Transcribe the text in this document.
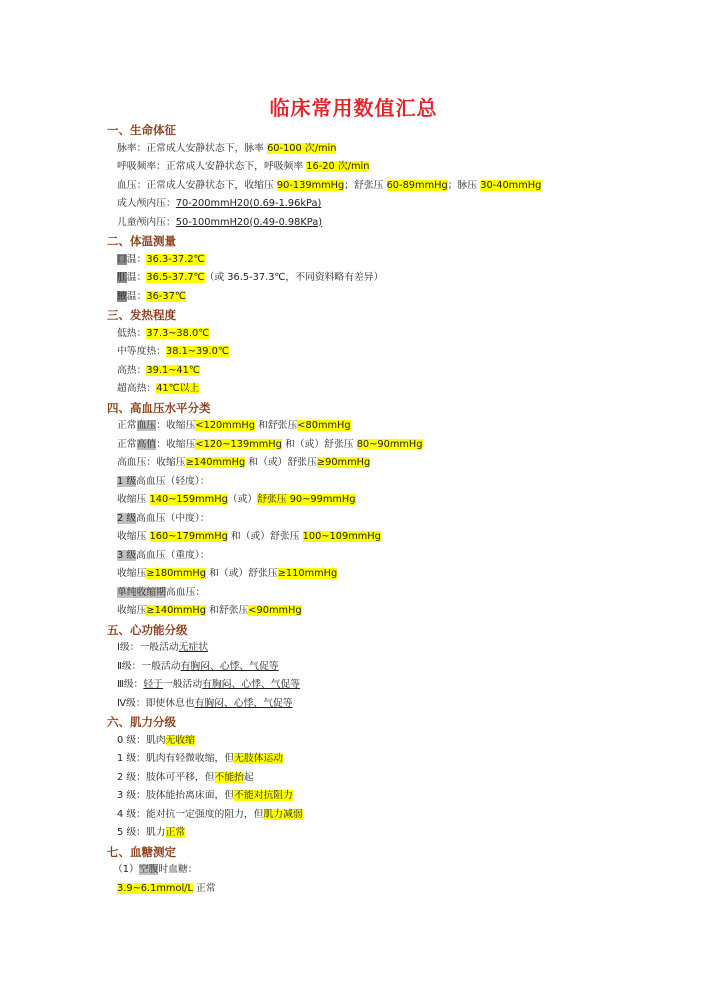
临床常用数值汇总
一、生命体征
脉率：正常成人安静状态下，脉率 60-100 次/min
呼吸频率：正常成人安静状态下，呼吸频率 16-20 次/min
血压：正常成人安静状态下，收缩压 90-139mmHg；舒张压 60-89mmHg；脉压 30-40mmHg
成人颅内压：70-200mmH20(0.69-1.96kPa)
儿童颅内压：50-100mmH20(0.49-0.98KPa)
二、体温测量
口温：36.3-37.2℃
肛温：36.5-37.7℃（或 36.5-37.3℃，不同资料略有差异）
腋温：36-37℃
三、发热程度
低热：37.3~38.0℃
中等度热：38.1~39.0℃
高热：39.1~41℃
超高热：41℃以上
四、高血压水平分类
正常血压：收缩压<120mmHg 和舒张压<80mmHg
正常高值：收缩压<120~139mmHg 和（或）舒张压 80~90mmHg
高血压：收缩压≥140mmHg 和（或）舒张压≥90mmHg
1 级高血压（轻度）：
收缩压 140~159mmHg（或）舒张压 90~99mmHg
2 级高血压（中度）：
收缩压 160~179mmHg 和（或）舒张压 100~109mmHg
3 级高血压（重度）：
收缩压≥180mmHg 和（或）舒张压≥110mmHg
单纯收缩期高血压：
收缩压≥140mmHg 和舒张压<90mmHg
五、心功能分级
Ⅰ级：一般活动无症状
Ⅱ级：一般活动有胸闷、心悸、气促等
Ⅲ级：轻于一般活动有胸闷、心悸、气促等
Ⅳ级：即使休息也有胸闷、心悸、气促等
六、肌力分级
0 级：肌肉无收缩
1 级：肌肉有轻微收缩，但无肢体运动
2 级：肢体可平移，但不能抬起
3 级：肢体能抬离床面，但不能对抗阻力
4 级：能对抗一定强度的阻力，但肌力减弱
5 级：肌力正常
七、血糖测定
（1）空腹时血糖：
3.9~6.1mmol/L 正常
